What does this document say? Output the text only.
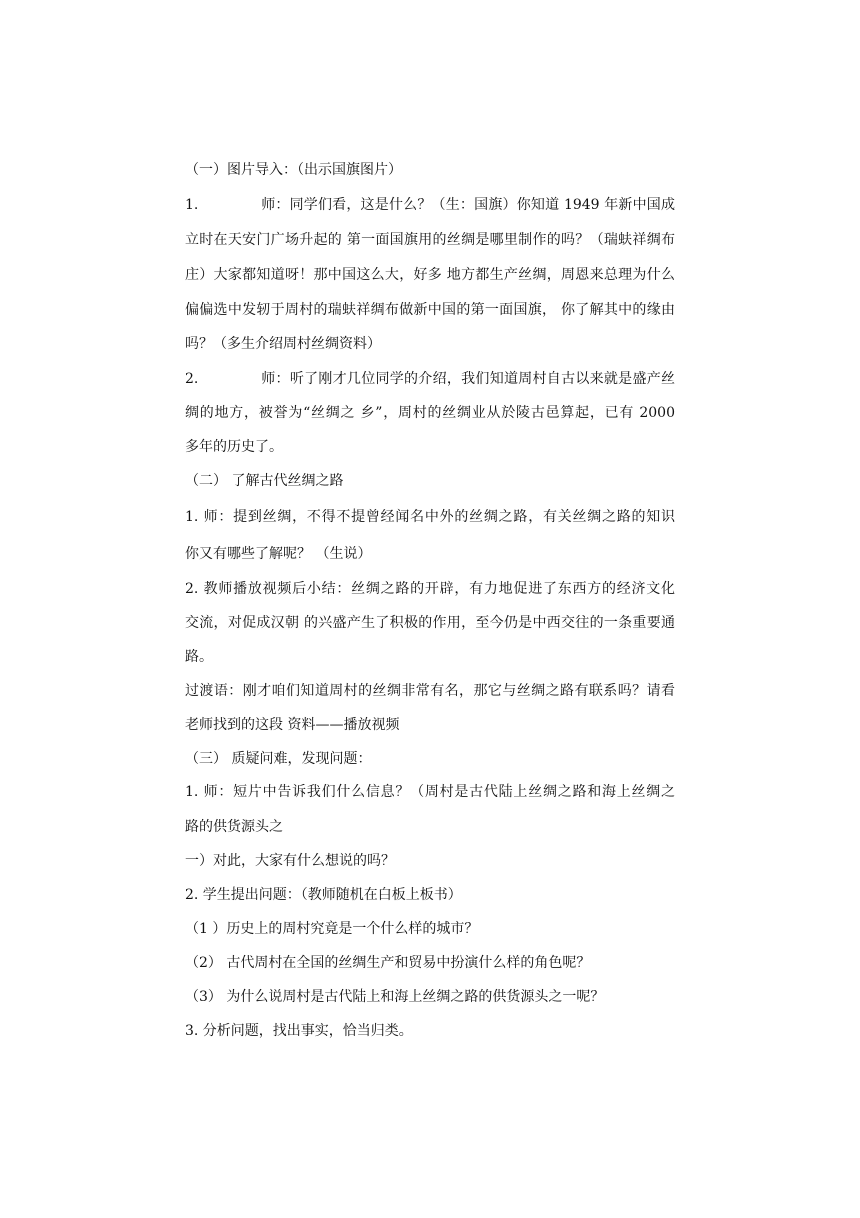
（一）图片导入：（出示国旗图片）
1.	师：同学们看，这是什么？（生：国旗）你知道 1949 年新中国成
立时在天安门广场升起的 第一面国旗用的丝绸是哪里制作的吗？（瑞蚨祥绸布
庄）大家都知道呀！那中国这么大，好多 地方都生产丝绸，周恩来总理为什么
偏偏选中发轫于周村的瑞蚨祥绸布做新中国的第一面国旗， 你了解其中的缘由
吗？（多生介绍周村丝绸资料）
2.	师：听了刚才几位同学的介绍，我们知道周村自古以来就是盛产丝
绸的地方，被誉为“丝绸之 乡”，周村的丝绸业从於陵古邑算起，已有 2000
多年的历史了。
（二） 了解古代丝绸之路
1. 师：提到丝绸，不得不提曾经闻名中外的丝绸之路，有关丝绸之路的知识
你又有哪些了解呢？ （生说）
2. 教师播放视频后小结：丝绸之路的开辟，有力地促进了东西方的经济文化
交流，对促成汉朝 的兴盛产生了积极的作用，至今仍是中西交往的一条重要通
路。
过渡语：刚才咱们知道周村的丝绸非常有名，那它与丝绸之路有联系吗？请看
老师找到的这段 资料——播放视频
（三） 质疑问难，发现问题：
1. 师：短片中告诉我们什么信息？（周村是古代陆上丝绸之路和海上丝绸之
路的供货源头之
一）对此，大家有什么想说的吗？
2. 学生提出问题：（教师随机在白板上板书）
（1 ）历史上的周村究竟是一个什么样的城市？
（2） 古代周村在全国的丝绸生产和贸易中扮演什么样的角色呢？
（3） 为什么说周村是古代陆上和海上丝绸之路的供货源头之一呢？
3. 分析问题，找出事实，恰当归类。
